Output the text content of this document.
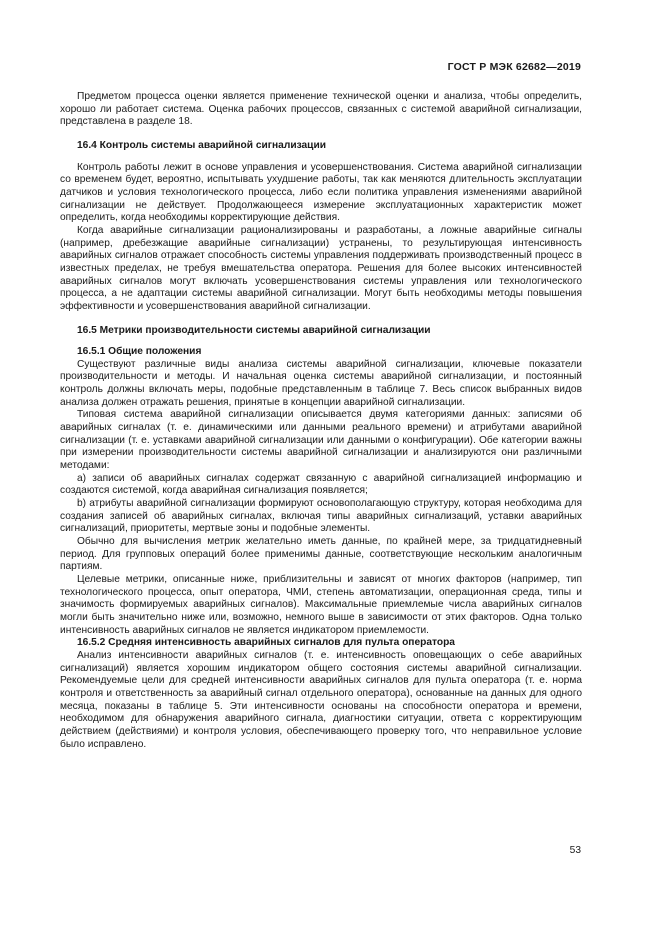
ГОСТ Р МЭК 62682—2019

Предметом процесса оценки является применение технической оценки и анализа, чтобы определить, хорошо ли работает система. Оценка рабочих процессов, связанных с системой аварийной сигнализации, представлена в разделе 18.

16.4 Контроль системы аварийной сигнализации

Контроль работы лежит в основе управления и усовершенствования. Система аварийной сигнализации со временем будет, вероятно, испытывать ухудшение работы, так как меняются длительность эксплуатации датчиков и условия технологического процесса, либо если политика управления изменениями аварийной сигнализации не действует. Продолжающееся измерение эксплуатационных характеристик может определить, когда необходимы корректирующие действия.

Когда аварийные сигнализации рационализированы и разработаны, а ложные аварийные сигналы (например, дребезжащие аварийные сигнализации) устранены, то результирующая интенсивность аварийных сигналов отражает способность системы управления поддерживать производственный процесс в известных пределах, не требуя вмешательства оператора. Решения для более высоких интенсивностей аварийных сигналов могут включать усовершенствования системы управления или технологического процесса, а не адаптации системы аварийной сигнализации. Могут быть необходимы методы повышения эффективности и усовершенствования аварийной сигнализации.

16.5 Метрики производительности системы аварийной сигнализации
16.5.1 Общие положения

Существуют различные виды анализа системы аварийной сигнализации, ключевые показатели производительности и методы. И начальная оценка системы аварийной сигнализации, и постоянный контроль должны включать меры, подобные представленным в таблице 7. Весь список выбранных видов анализа должен отражать решения, принятые в концепции аварийной сигнализации.

Типовая система аварийной сигнализации описывается двумя категориями данных: записями об аварийных сигналах (т. е. динамическими или данными реального времени) и атрибутами аварийной сигнализации (т. е. уставками аварийной сигнализации или данными о конфигурации). Обе категории важны при измерении производительности системы аварийной сигнализации и анализируются они различными методами:

а) записи об аварийных сигналах содержат связанную с аварийной сигнализацией информацию и создаются системой, когда аварийная сигнализация появляется;

b) атрибуты аварийной сигнализации формируют основополагающую структуру, которая необходима для создания записей об аварийных сигналах, включая типы аварийных сигнализаций, уставки аварийных сигнализаций, приоритеты, мертвые зоны и подобные элементы.

Обычно для вычисления метрик желательно иметь данные, по крайней мере, за тридцатидневный период. Для групповых операций более применимы данные, соответствующие нескольким аналогичным партиям.

Целевые метрики, описанные ниже, приблизительны и зависят от многих факторов (например, тип технологического процесса, опыт оператора, ЧМИ, степень автоматизации, операционная среда, типы и значимость формируемых аварийных сигналов). Максимальные приемлемые числа аварийных сигналов могли быть значительно ниже или, возможно, немного выше в зависимости от этих факторов. Одна только интенсивность аварийных сигналов не является индикатором приемлемости.

16.5.2 Средняя интенсивность аварийных сигналов для пульта оператора

Анализ интенсивности аварийных сигналов (т. е. интенсивность оповещающих о себе аварийных сигнализаций) является хорошим индикатором общего состояния системы аварийной сигнализации. Рекомендуемые цели для средней интенсивности аварийных сигналов для пульта оператора (т. е. норма контроля и ответственность за аварийный сигнал отдельного оператора), основанные на данных для одного месяца, показаны в таблице 5. Эти интенсивности основаны на способности оператора и времени, необходимом для обнаружения аварийного сигнала, диагностики ситуации, ответа с корректирующим действием (действиями) и контроля условия, обеспечивающего проверку того, что неправильное условие было исправлено.

53
